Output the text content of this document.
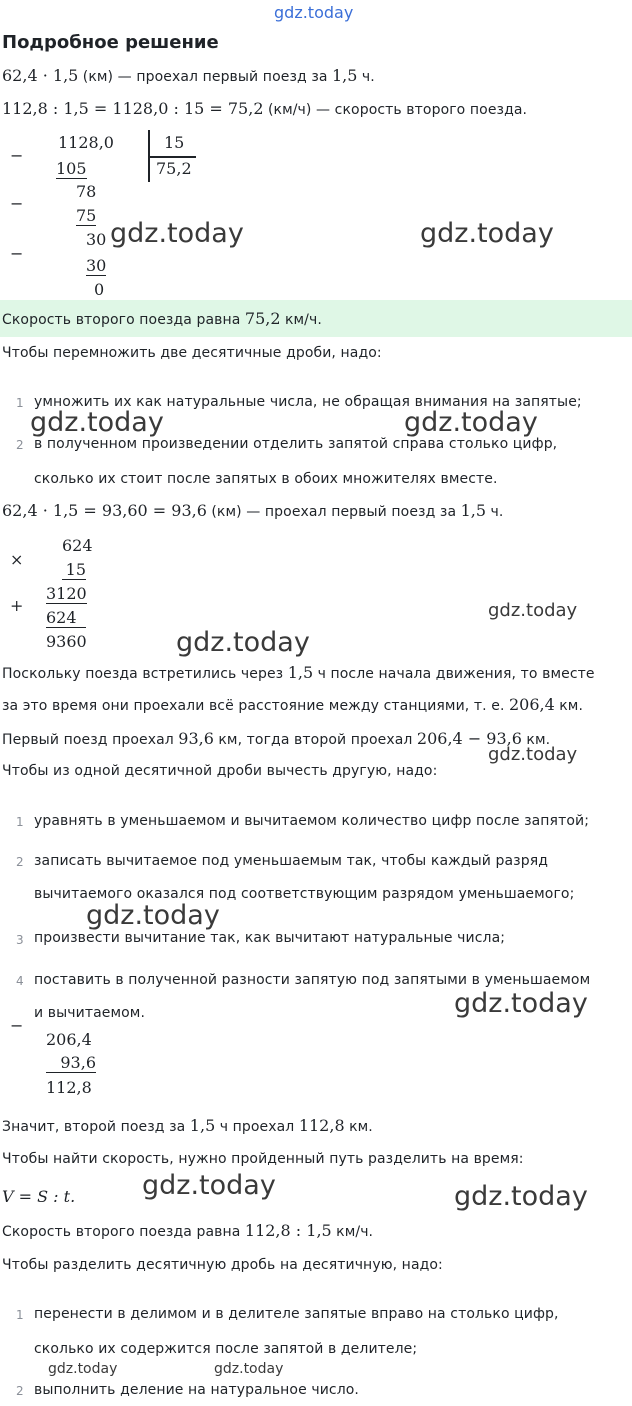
gdz.today
Подробное решение
62,4 · 1,5 (км) — проехал первый поезд за 1,5 ч.
112,8 : 1,5 = 1128,0 : 15 = 75,2 (км/ч) — скорость второго поезда.
−
1128,0	15
75,2
105
−
78
75
−
30
30
0
gdz.today	gdz.today
Скорость второго поезда равна 75,2 км/ч.
Чтобы перемножить две десятичные дроби, надо:
1 умножить их как натуральные числа, не обращая внимания на запятые;
2 в полученном произведении отделить запятой справа столько цифр,
сколько их стоит после запятых в обоих множителях вместе.
gdz.today	gdz.today
62,4 · 1,5 = 93,60 = 93,6 (км) — проехал первый поезд за 1,5 ч.
×
624
15
3120
+
624
9360
gdz.today
gdz.today
Поскольку поезда встретились через 1,5 ч после начала движения, то вместе
за это время они проехали всё расстояние между станциями, т. е. 206,4 км.
Первый поезд проехал 93,6 км, тогда второй проехал 206,4 − 93,6 км.
gdz.today
Чтобы из одной десятичной дроби вычесть другую, надо:
1 уравнять в уменьшаемом и вычитаемом количество цифр после запятой;
2 записать вычитаемое под уменьшаемым так, чтобы каждый разряд
вычитаемого оказался под соответствующим разрядом уменьшаемого;
3 произвести вычитание так, как вычитают натуральные числа;
4 поставить в полученной разности запятую под запятыми в уменьшаемом
и вычитаемом.
gdz.today
gdz.today
−
206,4
93,6
112,8
Значит, второй поезд за 1,5 ч проехал 112,8 км.
Чтобы найти скорость, нужно пройденный путь разделить на время:
V = S : t. gdz.today	gdz.today
Скорость второго поезда равна 112,8 : 1,5 км/ч.
Чтобы разделить десятичную дробь на десятичную, надо:
1 перенести в делимом и в делителе запятые вправо на столько цифр,
сколько их содержится после запятой в делителе;
gdz.today	gdz.today
2 выполнить деление на натуральное число.
